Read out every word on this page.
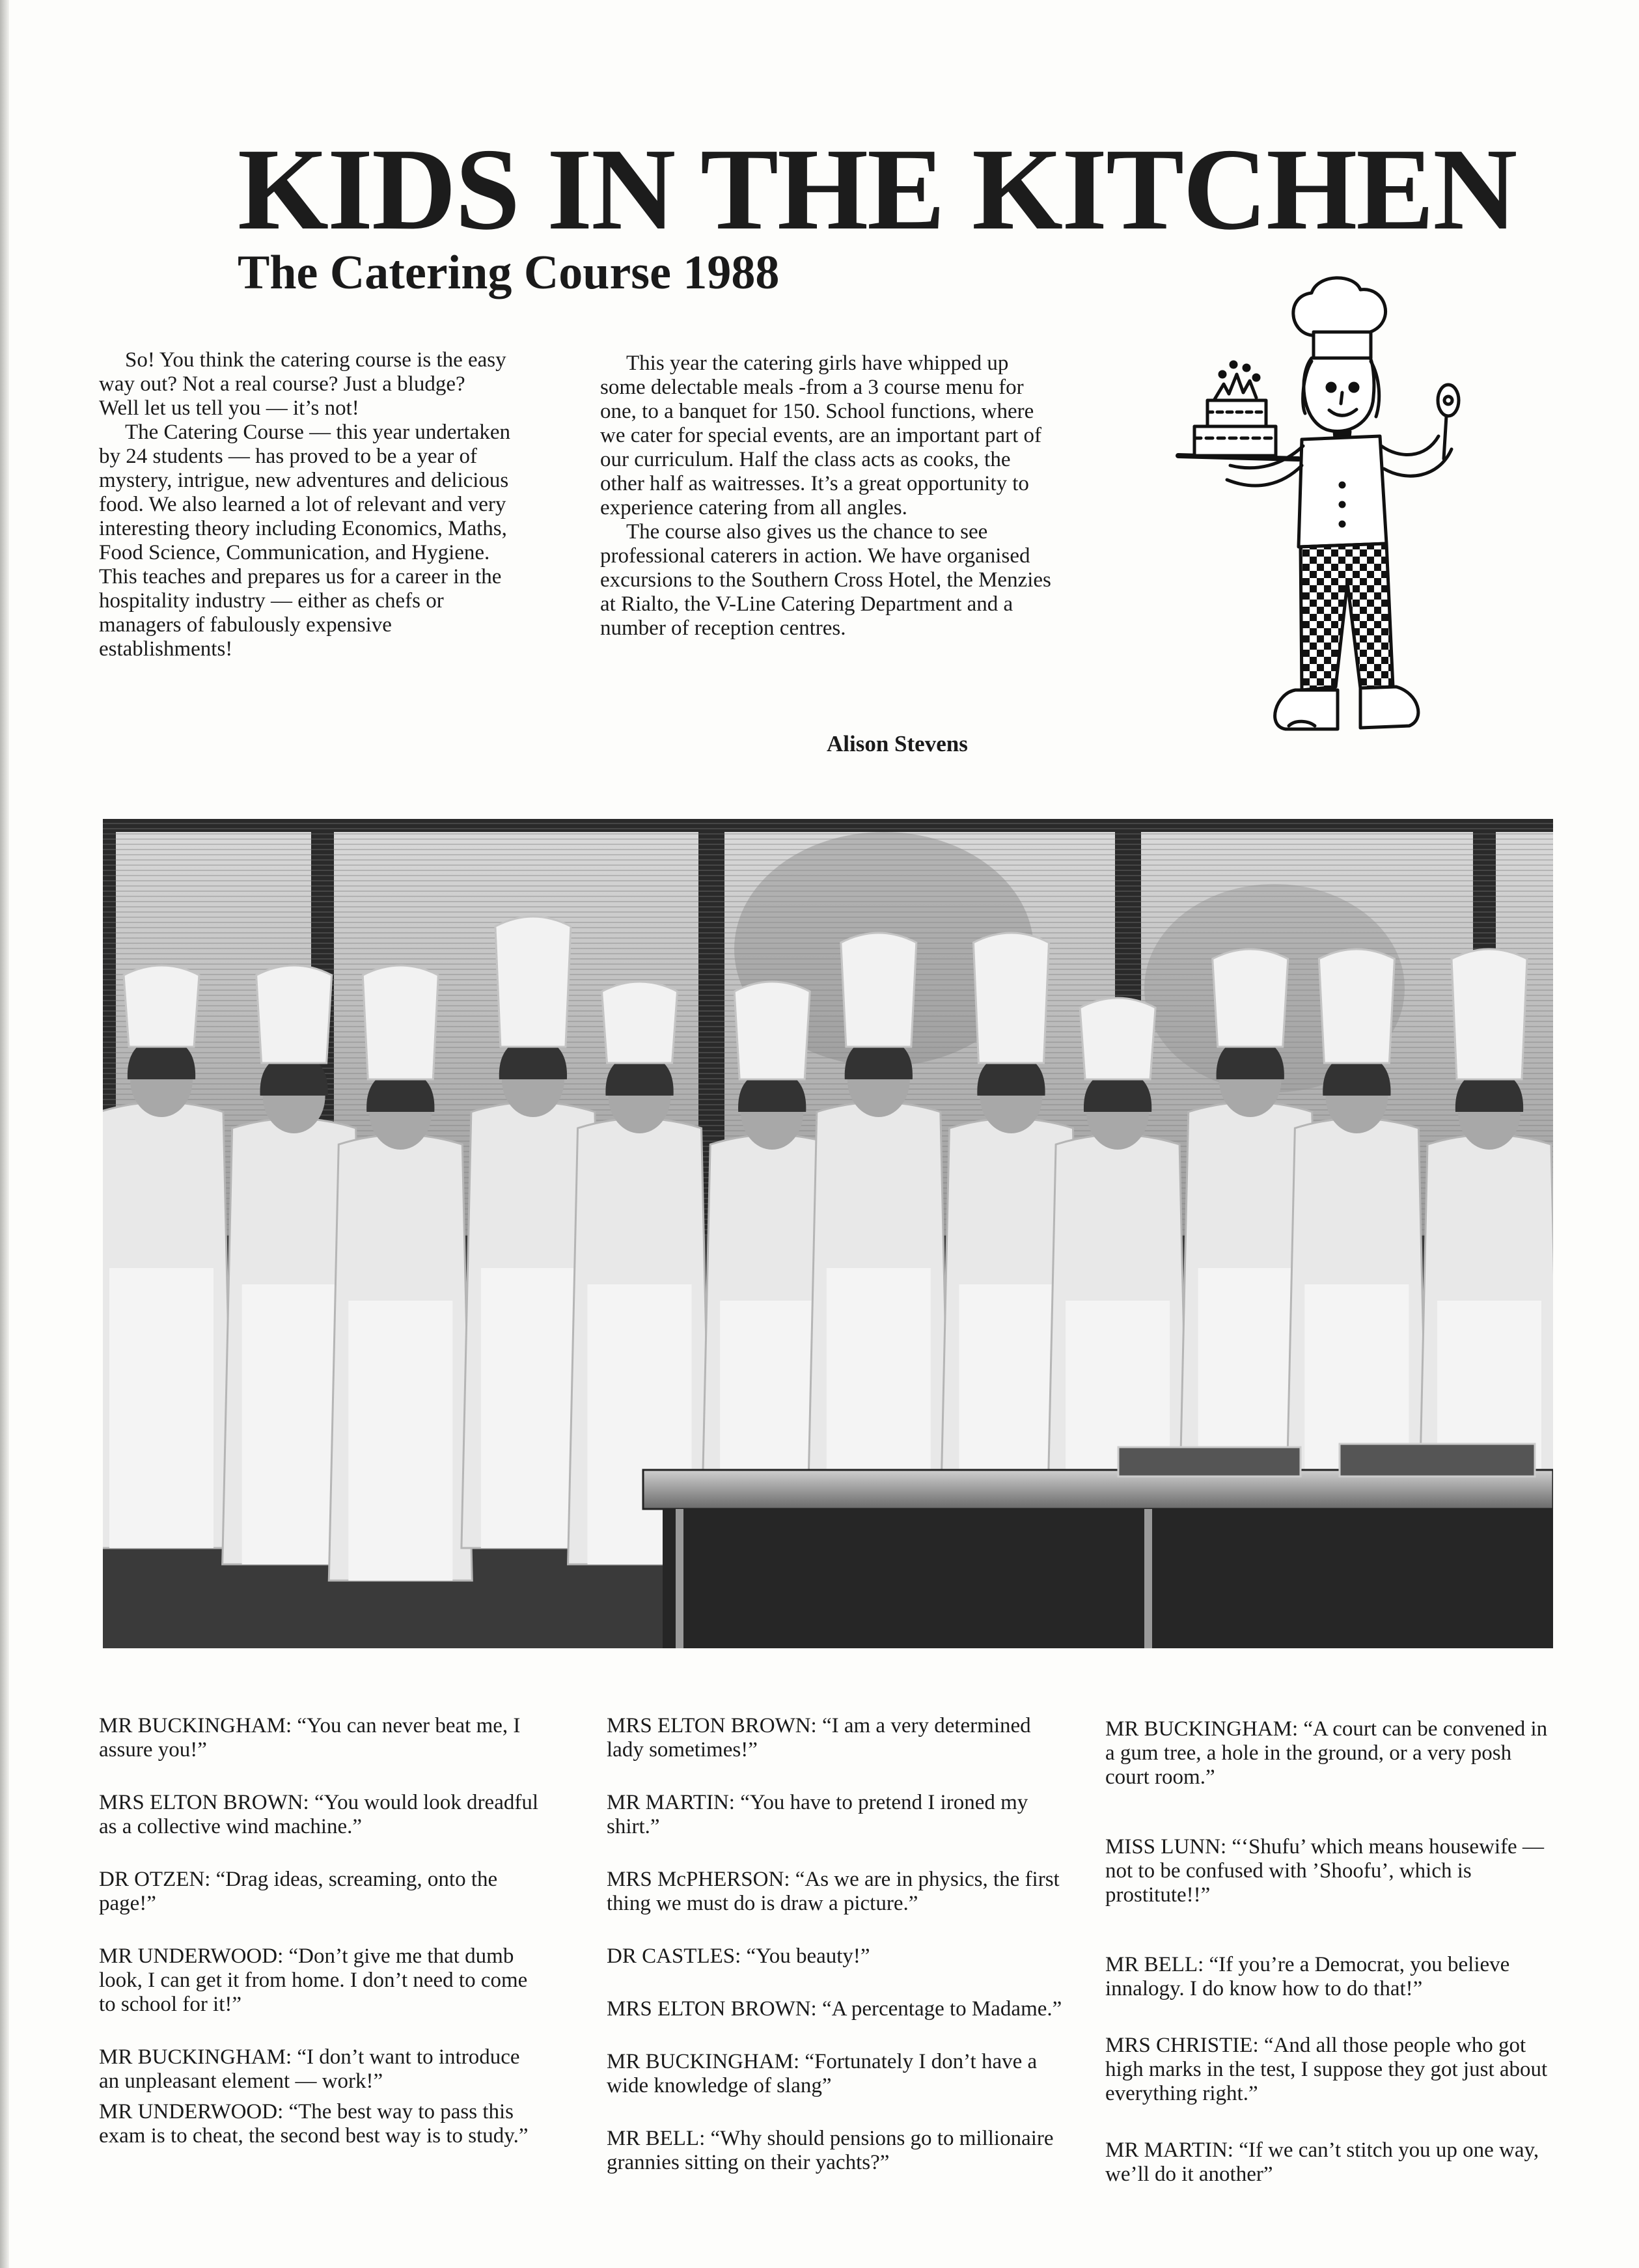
KIDS IN THE KITCHEN
The Catering Course 1988

So! You think the catering course is the easy way out? Not a real course? Just a bludge?

Well let us tell you — it’s not!

The Catering Course — this year undertaken by 24 students — has proved to be a year of mystery, intrigue, new adventures and delicious food. We also learned a lot of relevant and very interesting theory including Economics, Maths, Food Science, Communication, and Hygiene. This teaches and prepares us for a career in the hospitality industry — either as chefs or managers of fabulously expensive establishments!

This year the catering girls have whipped up some delectable meals -from a 3 course menu for one, to a banquet for 150. School functions, where we cater for special events, are an important part of our curriculum. Half the class acts as cooks, the other half as waitresses. It’s a great opportunity to experience catering from all angles.

The course also gives us the chance to see professional caterers in action. We have organised excursions to the Southern Cross Hotel, the Menzies at Rialto, the V-Line Catering Department and a number of reception centres.

Alison Stevens

MR BUCKINGHAM: “You can never beat me, I assure you!”

MRS ELTON BROWN: “You would look dreadful as a collective wind machine.”

DR OTZEN: “Drag ideas, screaming, onto the page!”

MR UNDERWOOD: “Don’t give me that dumb look, I can get it from home. I don’t need to come to school for it!”

MR BUCKINGHAM: “I don’t want to introduce an unpleasant element — work!”

MR UNDERWOOD: “The best way to pass this exam is to cheat, the second best way is to study.”

MRS ELTON BROWN: “I am a very determined lady sometimes!”

MR MARTIN: “You have to pretend I ironed my shirt.”

MRS McPHERSON: “As we are in physics, the first thing we must do is draw a picture.”

DR CASTLES: “You beauty!”

MRS ELTON BROWN: “A percentage to Madame.”

MR BUCKINGHAM: “Fortunately I don’t have a wide knowledge of slang”

MR BELL: “Why should pensions go to millionaire grannies sitting on their yachts?”

MR BUCKINGHAM: “A court can be convened in a gum tree, a hole in the ground, or a very posh court room.”

MISS LUNN: “‘Shufu’ which means housewife — not to be confused with ’Shoofu’, which is prostitute!!”

MR BELL: “If you’re a Democrat, you believe innalogy. I do know how to do that!”

MRS CHRISTIE: “And all those people who got high marks in the test, I suppose they got just about everything right.”

MR MARTIN: “If we can’t stitch you up one way, we’ll do it another”
